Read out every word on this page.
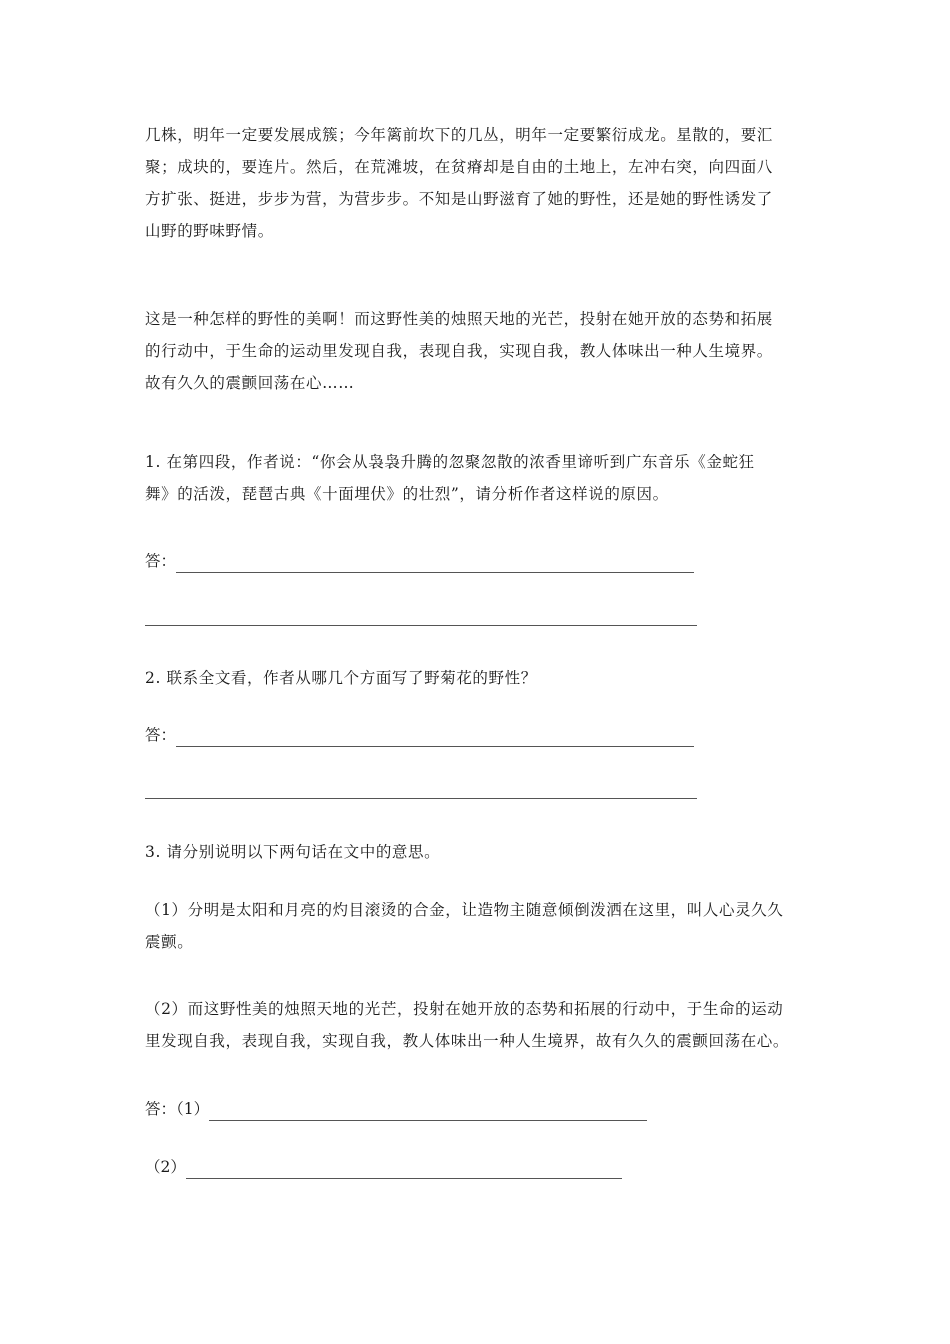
几株，明年一定要发展成簇；今年篱前坎下的几丛，明年一定要繁衍成龙。星散的，要汇
聚；成块的，要连片。然后，在荒滩坡，在贫瘠却是自由的土地上，左冲右突，向四面八
方扩张、挺进，步步为营，为营步步。不知是山野滋育了她的野性，还是她的野性诱发了
山野的野味野情。

这是一种怎样的野性的美啊！而这野性美的烛照天地的光芒，投射在她开放的态势和拓展
的行动中，于生命的运动里发现自我，表现自我，实现自我，教人体味出一种人生境界。
故有久久的震颤回荡在心……

1. 在第四段，作者说：“你会从袅袅升腾的忽聚忽散的浓香里谛听到广东音乐《金蛇狂
舞》的活泼，琵琶古典《十面埋伏》的壮烈”，请分析作者这样说的原因。

答：

2. 联系全文看，作者从哪几个方面写了野菊花的野性？

答：

3. 请分别说明以下两句话在文中的意思。

（1）分明是太阳和月亮的灼目滚烫的合金，让造物主随意倾倒泼洒在这里，叫人心灵久久
震颤。

（2）而这野性美的烛照天地的光芒，投射在她开放的态势和拓展的行动中，于生命的运动
里发现自我，表现自我，实现自我，教人体味出一种人生境界，故有久久的震颤回荡在心。

答：（1）
（2）
